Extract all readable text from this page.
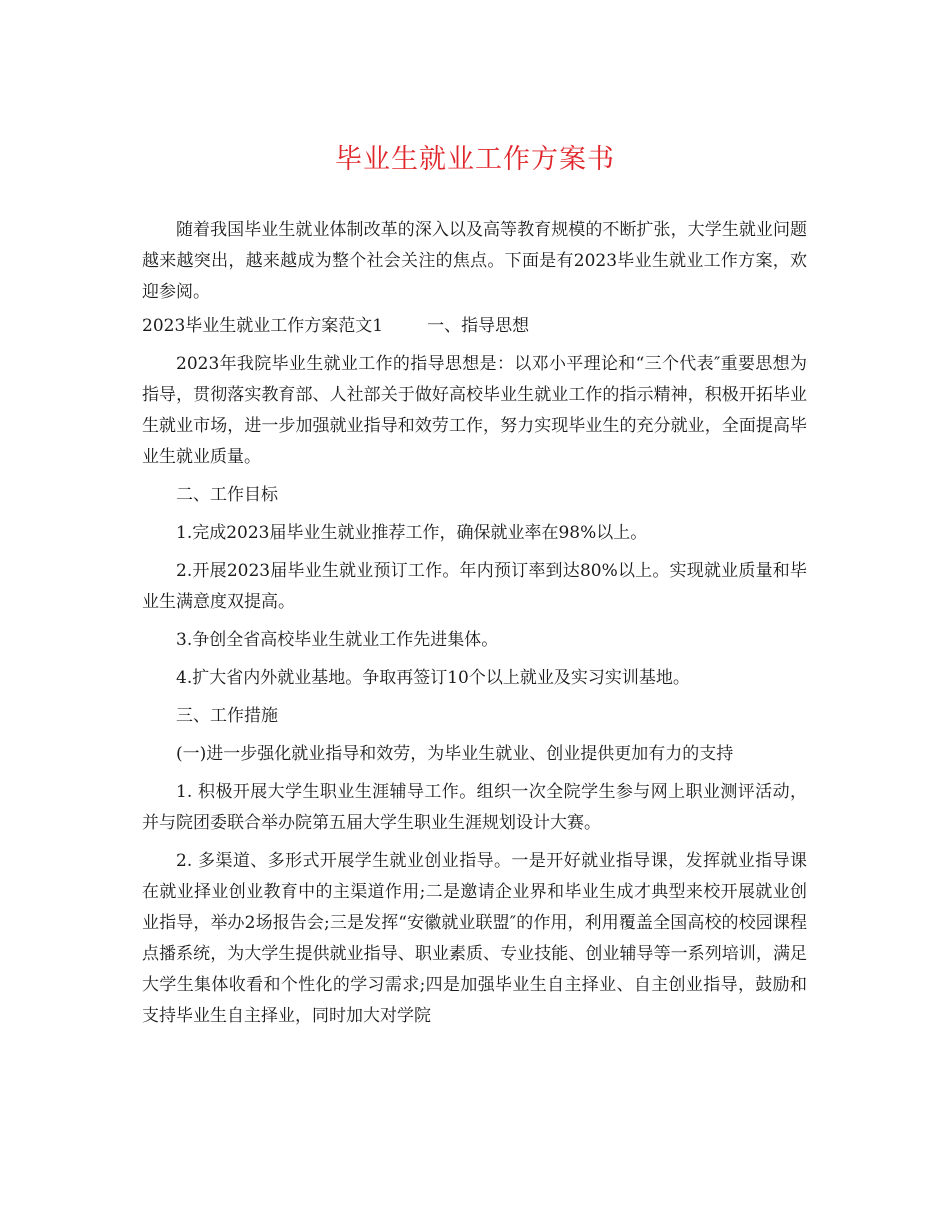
毕业生就业工作方案书

随着我国毕业生就业体制改革的深入以及高等教育规模的不断扩张，大学生就业问题越来越突出，越来越成为整个社会关注的焦点。下面是有2023毕业生就业工作方案，欢迎参阅。

2023毕业生就业工作方案范文1	一、指导思想

2023年我院毕业生就业工作的指导思想是：以邓小平理论和“三个代表″重要思想为指导，贯彻落实教育部、人社部关于做好高校毕业生就业工作的指示精神，积极开拓毕业生就业市场，进一步加强就业指导和效劳工作，努力实现毕业生的充分就业，全面提高毕业生就业质量。

二、工作目标

1.完成2023届毕业生就业推荐工作，确保就业率在98%以上。

2.开展2023届毕业生就业预订工作。年内预订率到达80%以上。实现就业质量和毕业生满意度双提高。

3.争创全省高校毕业生就业工作先进集体。

4.扩大省内外就业基地。争取再签订10个以上就业及实习实训基地。

三、工作措施

(一)进一步强化就业指导和效劳，为毕业生就业、创业提供更加有力的支持

1. 积极开展大学生职业生涯辅导工作。组织一次全院学生参与网上职业测评活动，并与院团委联合举办院第五届大学生职业生涯规划设计大赛。

2. 多渠道、多形式开展学生就业创业指导。一是开好就业指导课，发挥就业指导课在就业择业创业教育中的主渠道作用;二是邀请企业界和毕业生成才典型来校开展就业创业指导，举办2场报告会;三是发挥“安徽就业联盟″的作用，利用覆盖全国高校的校园课程点播系统，为大学生提供就业指导、职业素质、专业技能、创业辅导等一系列培训，满足大学生集体收看和个性化的学习需求;四是加强毕业生自主择业、自主创业指导，鼓励和支持毕业生自主择业，同时加大对学院
